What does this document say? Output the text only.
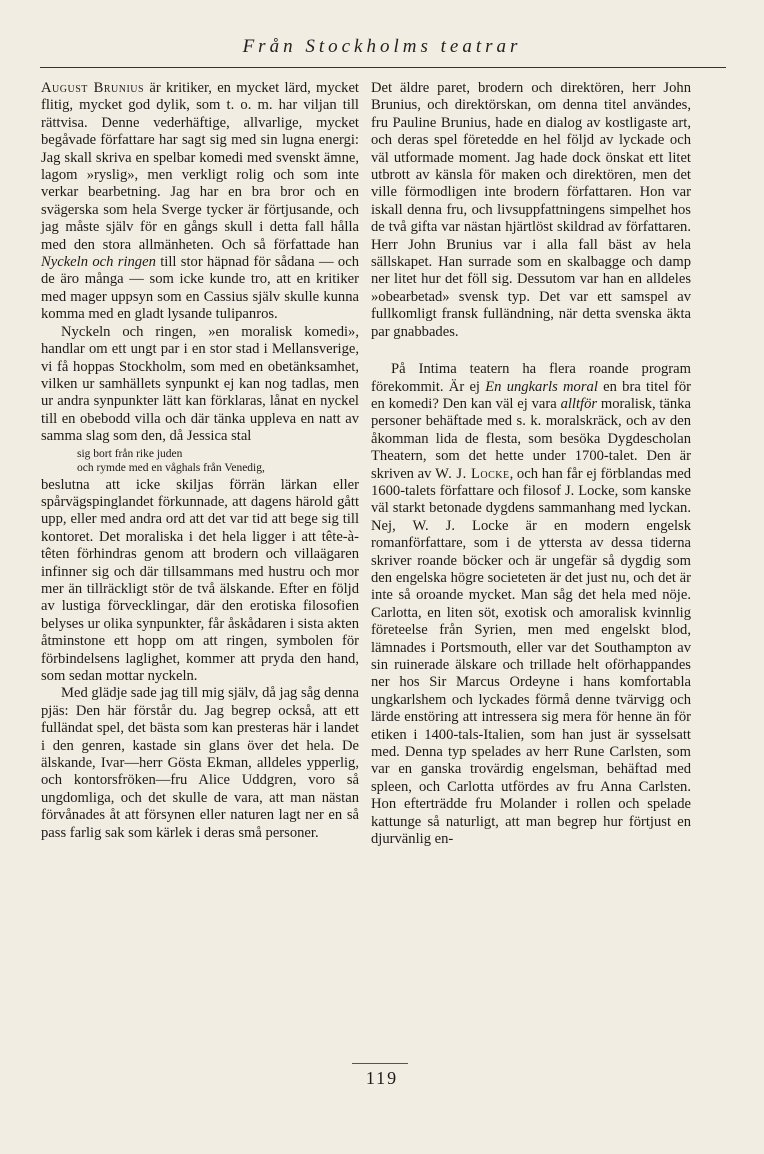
Från Stockholms teatrar

August Brunius är kritiker, en mycket lärd, mycket flitig, mycket god dylik, som t. o. m. har viljan till rättvisa. Denne vederhäftige, allvarlige, mycket begåvade författare har sagt sig med sin lugna energi: Jag skall skriva en spelbar komedi med svenskt ämne, lagom »ryslig», men verkligt rolig och som inte verkar bearbetning. Jag har en bra bror och en svägerska som hela Sverge tycker är förtjusande, och jag måste själv för en gångs skull i detta fall hålla med den stora allmänheten. Och så författade han Nyckeln och ringen till stor häpnad för sådana — och de äro många — som icke kunde tro, att en kritiker med mager uppsyn som en Cassius själv skulle kunna komma med en gladt lysande tulipanros.

Nyckeln och ringen, »en moralisk komedi», handlar om ett ungt par i en stor stad i Mellansverige, vi få hoppas Stockholm, som med en obetänksamhet, vilken ur samhällets synpunkt ej kan nog tadlas, men ur andra synpunkter lätt kan förklaras, lånat en nyckel till en obebodd villa och där tänka uppleva en natt av samma slag som den, då Jessica stal

sig bort från rike juden
och rymde med en våghals från Venedig,

beslutna att icke skiljas förrän lärkan eller spårvägspinglandet förkunnade, att dagens härold gått upp, eller med andra ord att det var tid att bege sig till kontoret. Det moraliska i det hela ligger i att tête-à-têten förhindras genom att brodern och villaägaren infinner sig och där tillsammans med hustru och mor mer än tillräckligt stör de två älskande. Efter en följd av lustiga förvecklingar, där den erotiska filosofien belyses ur olika synpunkter, får åskådaren i sista akten åtminstone ett hopp om att ringen, symbolen för förbindelsens laglighet, kommer att pryda den hand, som sedan mottar nyckeln.

Med glädje sade jag till mig själv, då jag såg denna pjäs: Den här förstår du. Jag begrep också, att ett fulländat spel, det bästa som kan presteras här i landet i den genren, kastade sin glans över det hela. De älskande, Ivar—herr Gösta Ekman, alldeles ypperlig, och kontorsfröken—fru Alice Uddgren, voro så ungdomliga, och det skulle de vara, att man nästan förvånades åt att försynen eller naturen lagt ner en så pass farlig sak som kärlek i deras små personer.

Det äldre paret, brodern och direktören, herr John Brunius, och direktörskan, om denna titel användes, fru Pauline Brunius, hade en dialog av kostligaste art, och deras spel företedde en hel följd av lyckade och väl utformade moment. Jag hade dock önskat ett litet utbrott av känsla för maken och direktören, men det ville förmodligen inte brodern författaren. Hon var iskall denna fru, och livsuppfattningens simpelhet hos de två gifta var nästan hjärtlöst skildrad av författaren. Herr John Brunius var i alla fall bäst av hela sällskapet. Han surrade som en skalbagge och damp ner litet hur det föll sig. Dessutom var han en alldeles »obearbetad» svensk typ. Det var ett samspel av fullkomligt fransk fulländning, när detta svenska äkta par gnabbades.

På Intima teatern ha flera roande program förekommit. Är ej En ungkarls moral en bra titel för en komedi? Den kan väl ej vara alltför moralisk, tänka personer behäftade med s. k. moralskräck, och av den åkomman lida de flesta, som besöka Dygdescholan Theatern, som det hette under 1700-talet. Den är skriven av W. J. Locke, och han får ej förblandas med 1600-talets författare och filosof J. Locke, som kanske väl starkt betonade dygdens sammanhang med lyckan. Nej, W. J. Locke är en modern engelsk romanförfattare, som i de yttersta av dessa tiderna skriver roande böcker och är ungefär så dygdig som den engelska högre societeten är det just nu, och det är inte så oroande mycket. Man såg det hela med nöje. Carlotta, en liten söt, exotisk och amoralisk kvinnlig företeelse från Syrien, men med engelskt blod, lämnades i Portsmouth, eller var det Southampton av sin ruinerade älskare och trillade helt oförhappandes ner hos Sir Marcus Ordeyne i hans komfortabla ungkarlshem och lyckades förmå denne tvärvigg och lärde enstöring att intressera sig mera för henne än för etiken i 1400-tals-Italien, som han just är sysselsatt med. Denna typ spelades av herr Rune Carlsten, som var en ganska trovärdig engelsman, behäftad med spleen, och Carlotta utfördes av fru Anna Carlsten. Hon efterträdde fru Molander i rollen och spelade kattunge så naturligt, att man begrep hur förtjust en djurvänlig en-

119
